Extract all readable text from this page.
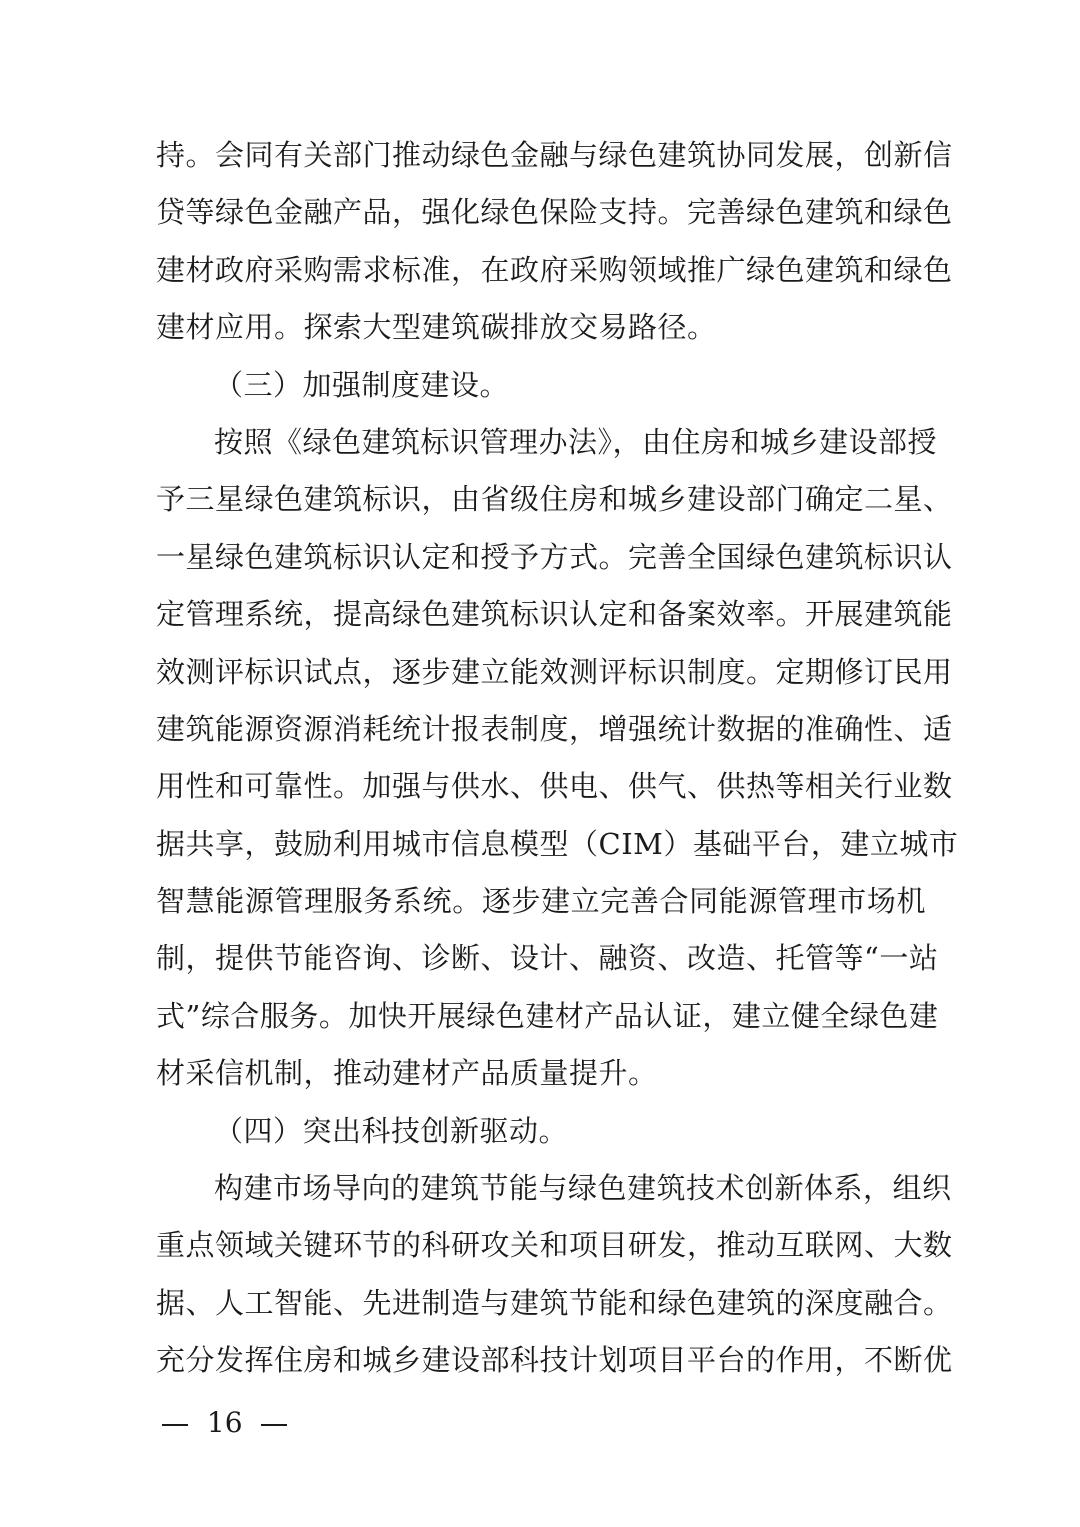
持。会同有关部门推动绿色金融与绿色建筑协同发展，创新信
贷等绿色金融产品，强化绿色保险支持。完善绿色建筑和绿色
建材政府采购需求标准，在政府采购领域推广绿色建筑和绿色
建材应用。探索大型建筑碳排放交易路径。
（三）加强制度建设。
按照《绿色建筑标识管理办法》，由住房和城乡建设部授
予三星绿色建筑标识，由省级住房和城乡建设部门确定二星、
一星绿色建筑标识认定和授予方式。完善全国绿色建筑标识认
定管理系统，提高绿色建筑标识认定和备案效率。开展建筑能
效测评标识试点，逐步建立能效测评标识制度。定期修订民用
建筑能源资源消耗统计报表制度，增强统计数据的准确性、适
用性和可靠性。加强与供水、供电、供气、供热等相关行业数
据共享，鼓励利用城市信息模型（CIM）基础平台，建立城市
智慧能源管理服务系统。逐步建立完善合同能源管理市场机
制，提供节能咨询、诊断、设计、融资、改造、托管等“一站
式”综合服务。加快开展绿色建材产品认证，建立健全绿色建
材采信机制，推动建材产品质量提升。
（四）突出科技创新驱动。
构建市场导向的建筑节能与绿色建筑技术创新体系，组织
重点领域关键环节的科研攻关和项目研发，推动互联网、大数
据、人工智能、先进制造与建筑节能和绿色建筑的深度融合。
充分发挥住房和城乡建设部科技计划项目平台的作用，不断优
16
